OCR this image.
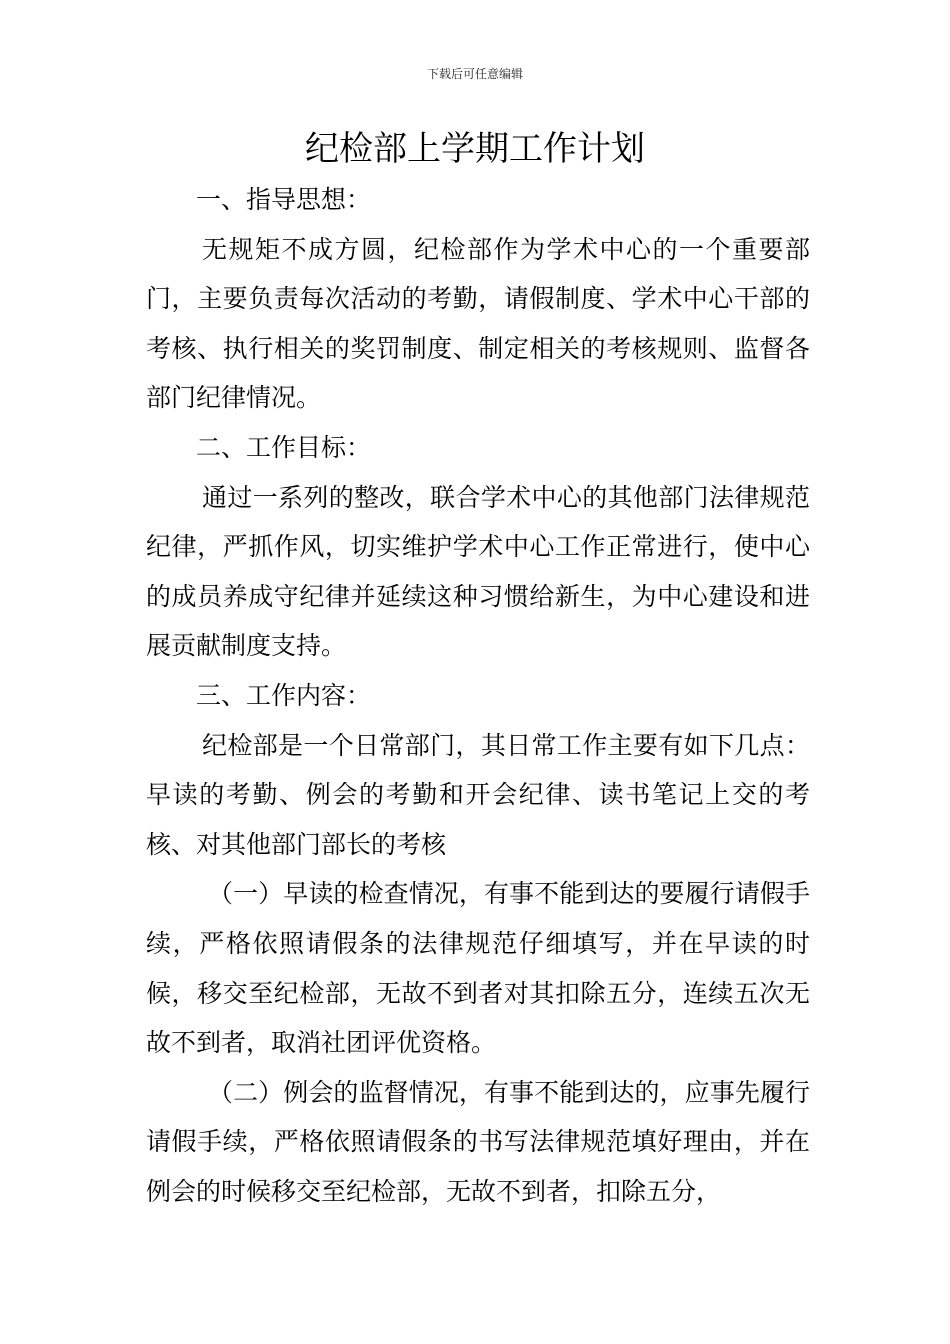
下载后可任意编辑
纪检部上学期工作计划

一、指导思想：

无规矩不成方圆，纪检部作为学术中心的一个重要部门，主要负责每次活动的考勤，请假制度、学术中心干部的考核、执行相关的奖罚制度、制定相关的考核规则、监督各部门纪律情况。

二、工作目标：

通过一系列的整改，联合学术中心的其他部门法律规范纪律，严抓作风，切实维护学术中心工作正常进行，使中心的成员养成守纪律并延续这种习惯给新生，为中心建设和进展贡献制度支持。

三、工作内容：

纪检部是一个日常部门，其日常工作主要有如下几点：早读的考勤、例会的考勤和开会纪律、读书笔记上交的考核、对其他部门部长的考核

（一）早读的检查情况，有事不能到达的要履行请假手续，严格依照请假条的法律规范仔细填写，并在早读的时候，移交至纪检部，无故不到者对其扣除五分，连续五次无故不到者，取消社团评优资格。

（二）例会的监督情况，有事不能到达的，应事先履行请假手续，严格依照请假条的书写法律规范填好理由，并在例会的时候移交至纪检部，无故不到者，扣除五分，
